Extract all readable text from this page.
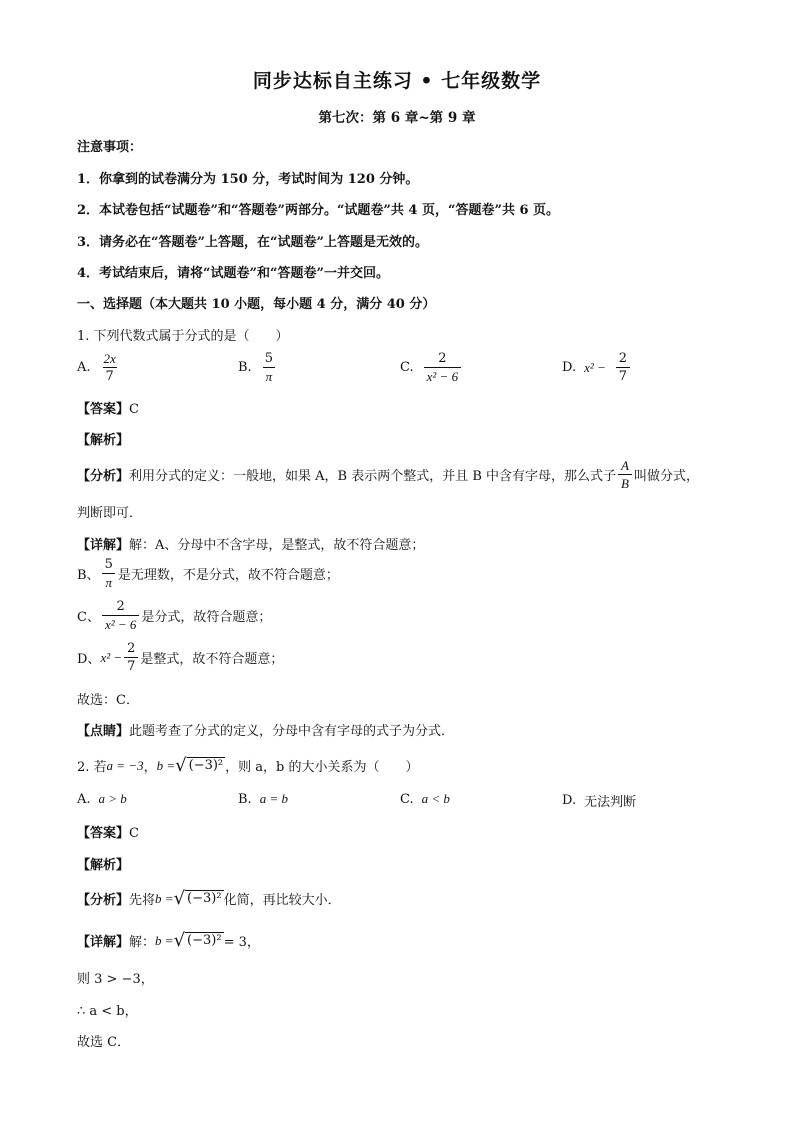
同步达标自主练习 • 七年级数学
第七次：第 6 章~第 9 章
注意事项：
1．你拿到的试卷满分为 150 分，考试时间为 120 分钟。
2．本试卷包括“试题卷”和“答题卷”两部分。“试题卷”共 4 页，“答题卷”共 6 页。
3．请务必在“答题卷”上答题，在“试题卷”上答题是无效的。
4．考试结束后，请将“试题卷”和“答题卷”一并交回。
一、选择题（本大题共 10 小题，每小题 4 分，满分 40 分）
1. 下列代数式属于分式的是（　　）
A. $\frac{2x}{7}$	B. $\frac{5}{\pi}$	C. $\frac{2}{\text{x² − 6}}$	D. $x^2 - \frac{2}{7}$
【答案】C
【解析】
【分析】 利用分式的定义：一般地，如果 A，B 表示两个整式，并且 B 中含有字母，那么式子 $\frac{A}{B}$ 叫做分式，
判断即可．
【详解】解：A、分母中不含字母，是整式，故不符合题意；
B、 $\frac{5}{\pi}$ 是无理数，不是分式，故不符合题意；
C、 $\frac{2}{\text{x² − 6}}$ 是分式，故符合题意；
D、 $x^2 - \frac{2}{7}$ 是整式，故不符合题意；
故选：C．
【点睛】此题考查了分式的定义，分母中含有字母的式子为分式．
2. 若 a = −3 ， b = √ (−3)² ，则 a，b 的大小关系为（　　）
A. a > b	B. a = b	C. a < b	D. 无法判断
【答案】C
【解析】
【分析】 先将 b = √ (−3)² 化简，再比较大小．
【详解】 解： b = √ (−3)² = 3，
则 3 > −3，
∴ a < b，
故选 C．
